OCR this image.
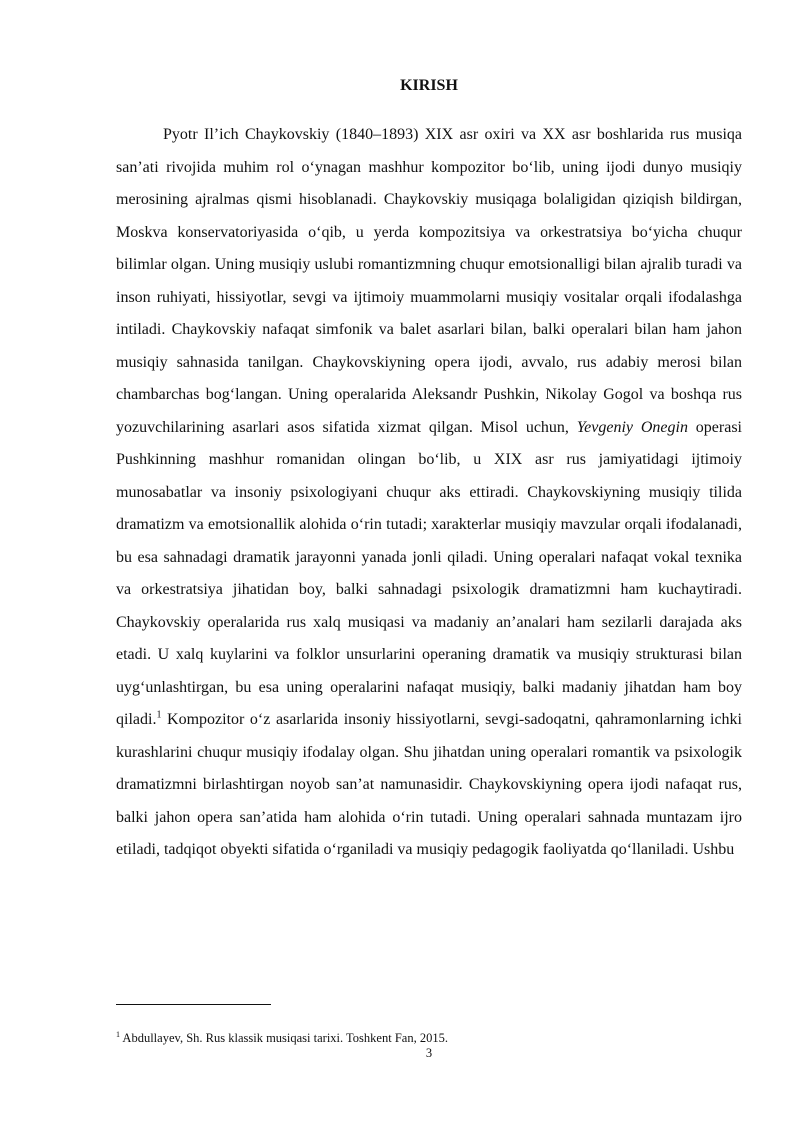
KIRISH

Pyotr Il’ich Chaykovskiy (1840–1893) XIX asr oxiri va XX asr boshlarida rus musiqa san’ati rivojida muhim rol o‘ynagan mashhur kompozitor bo‘lib, uning ijodi dunyo musiqiy merosining ajralmas qismi hisoblanadi. Chaykovskiy musiqaga bolaligidan qiziqish bildirgan, Moskva konservatoriyasida o‘qib, u yerda kompozitsiya va orkestratsiya bo‘yicha chuqur bilimlar olgan. Uning musiqiy uslubi romantizmning chuqur emotsionalligi bilan ajralib turadi va inson ruhiyati, hissiyotlar, sevgi va ijtimoiy muammolarni musiqiy vositalar orqali ifodalashga intiladi. Chaykovskiy nafaqat simfonik va balet asarlari bilan, balki operalari bilan ham jahon musiqiy sahnasida tanilgan. Chaykovskiyning opera ijodi, avvalo, rus adabiy merosi bilan chambarchas bog‘langan. Uning operalarida Aleksandr Pushkin, Nikolay Gogol va boshqa rus yozuvchilarining asarlari asos sifatida xizmat qilgan. Misol uchun, Yevgeniy Onegin operasi Pushkinning mashhur romanidan olingan bo‘lib, u XIX asr rus jamiyatidagi ijtimoiy munosabatlar va insoniy psixologiyani chuqur aks ettiradi. Chaykovskiyning musiqiy tilida dramatizm va emotsionallik alohida o‘rin tutadi; xarakterlar musiqiy mavzular orqali ifodalanadi, bu esa sahnadagi dramatik jarayonni yanada jonli qiladi. Uning operalari nafaqat vokal texnika va orkestratsiya jihatidan boy, balki sahnadagi psixologik dramatizmni ham kuchaytiradi. Chaykovskiy operalarida rus xalq musiqasi va madaniy an’analari ham sezilarli darajada aks etadi. U xalq kuylarini va folklor unsurlarini operaning dramatik va musiqiy strukturasi bilan uyg‘unlashtirgan, bu esa uning operalarini nafaqat musiqiy, balki madaniy jihatdan ham boy qiladi.$^1$ Kompozitor o‘z asarlarida insoniy hissiyotlarni, sevgi-sadoqatni, qahramonlarning ichki kurashlarini chuqur musiqiy ifodalay olgan. Shu jihatdan uning operalari romantik va psixologik dramatizmni birlashtirgan noyob san’at namunasidir. Chaykovskiyning opera ijodi nafaqat rus, balki jahon opera san’atida ham alohida o‘rin tutadi. Uning operalari sahnada muntazam ijro etiladi, tadqiqot obyekti sifatida o‘rganiladi va musiqiy pedagogik faoliyatda qo‘llaniladi. Ushbu

$^1$ Abdullayev, Sh. Rus klassik musiqasi tarixi. Toshkent Fan, 2015.
3
